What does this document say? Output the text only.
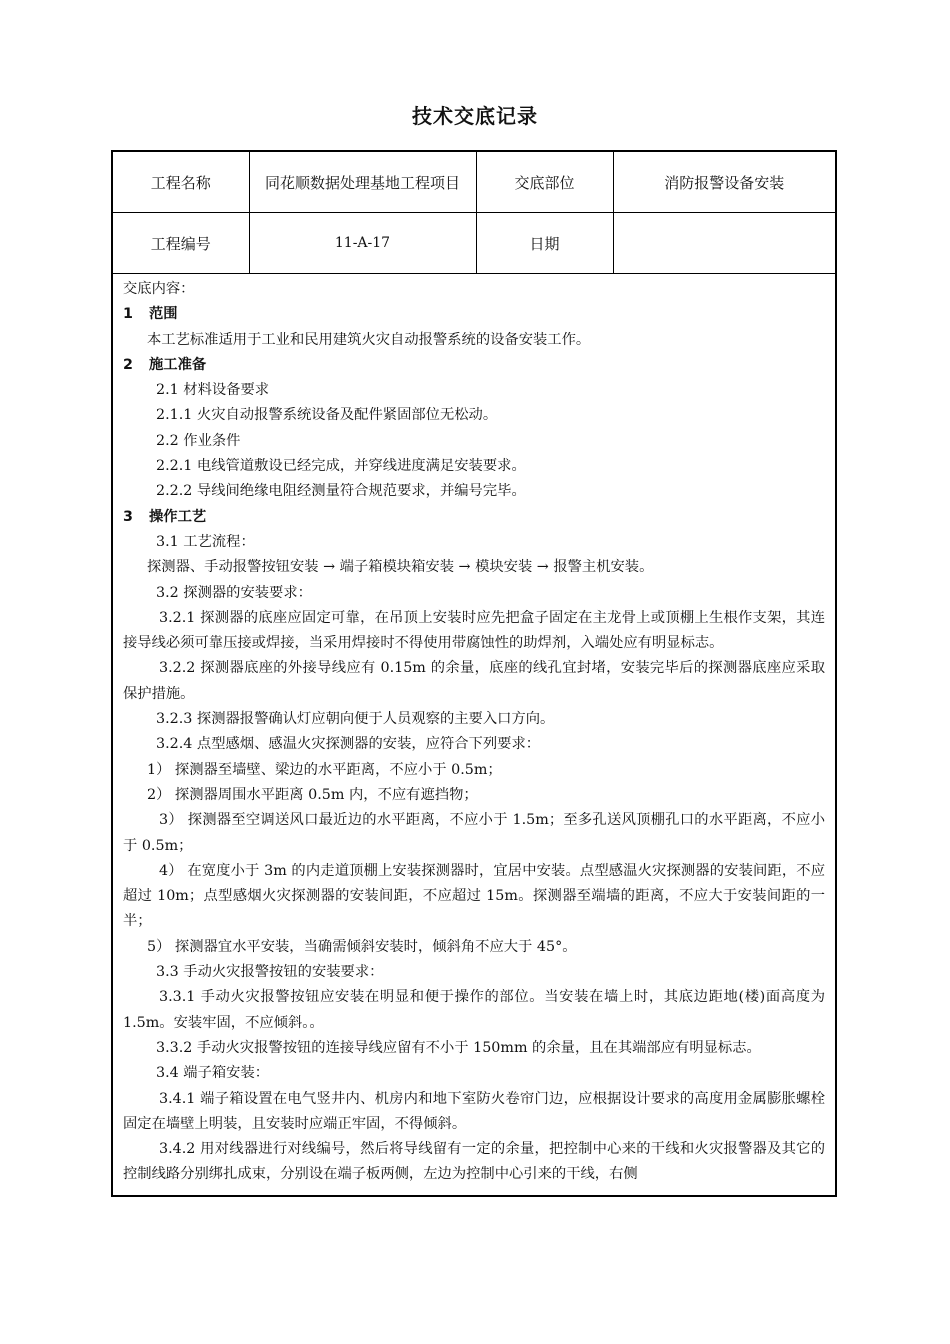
技术交底记录
工程名称	同花顺数据处理基地工程项目	交底部位	消防报警设备安装
工程编号	11-A-17	日期	
交底内容：
1 范围
本工艺标准适用于工业和民用建筑火灾自动报警系统的设备安装工作。
2 施工准备
2.1 材料设备要求
2.1.1 火灾自动报警系统设备及配件紧固部位无松动。
2.2 作业条件
2.2.1 电线管道敷设已经完成，并穿线进度满足安装要求。
2.2.2 导线间绝缘电阻经测量符合规范要求，并编号完毕。
3 操作工艺
3.1 工艺流程：
探测器、手动报警按钮安装 → 端子箱模块箱安装 → 模块安装 → 报警主机安装。
3.2 探测器的安装要求：
3.2.1 探测器的底座应固定可靠，在吊顶上安装时应先把盒子固定在主龙骨上或顶棚上生根作支架，其连接导线必须可靠压接或焊接，当采用焊接时不得使用带腐蚀性的助焊剂，入端处应有明显标志。
3.2.2 探测器底座的外接导线应有 0.15m 的余量，底座的线孔宜封堵，安装完毕后的探测器底座应采取保护措施。
3.2.3 探测器报警确认灯应朝向便于人员观察的主要入口方向。
3.2.4 点型感烟、感温火灾探测器的安装，应符合下列要求：
1） 探测器至墙壁、梁边的水平距离，不应小于 0.5m；
2） 探测器周围水平距离 0.5m 内，不应有遮挡物；
3） 探测器至空调送风口最近边的水平距离，不应小于 1.5m；至多孔送风顶棚孔口的水平距离，不应小于 0.5m；
4） 在宽度小于 3m 的内走道顶棚上安装探测器时，宜居中安装。点型感温火灾探测器的安装间距，不应超过 10m；点型感烟火灾探测器的安装间距，不应超过 15m。探测器至端墙的距离，不应大于安装间距的一半；
5） 探测器宜水平安装，当确需倾斜安装时，倾斜角不应大于 45°。
3.3 手动火灾报警按钮的安装要求：
3.3.1 手动火灾报警按钮应安装在明显和便于操作的部位。当安装在墙上时，其底边距地(楼)面高度为 1.5m。安装牢固，不应倾斜。。
3.3.2 手动火灾报警按钮的连接导线应留有不小于 150mm 的余量，且在其端部应有明显标志。
3.4 端子箱安装：
3.4.1 端子箱设置在电气竖井内、机房内和地下室防火卷帘门边，应根据设计要求的高度用金属膨胀螺栓固定在墙壁上明装，且安装时应端正牢固，不得倾斜。
3.4.2 用对线器进行对线编号，然后将导线留有一定的余量，把控制中心来的干线和火灾报警器及其它的控制线路分别绑扎成束，分别设在端子板两侧，左边为控制中心引来的干线，右侧
